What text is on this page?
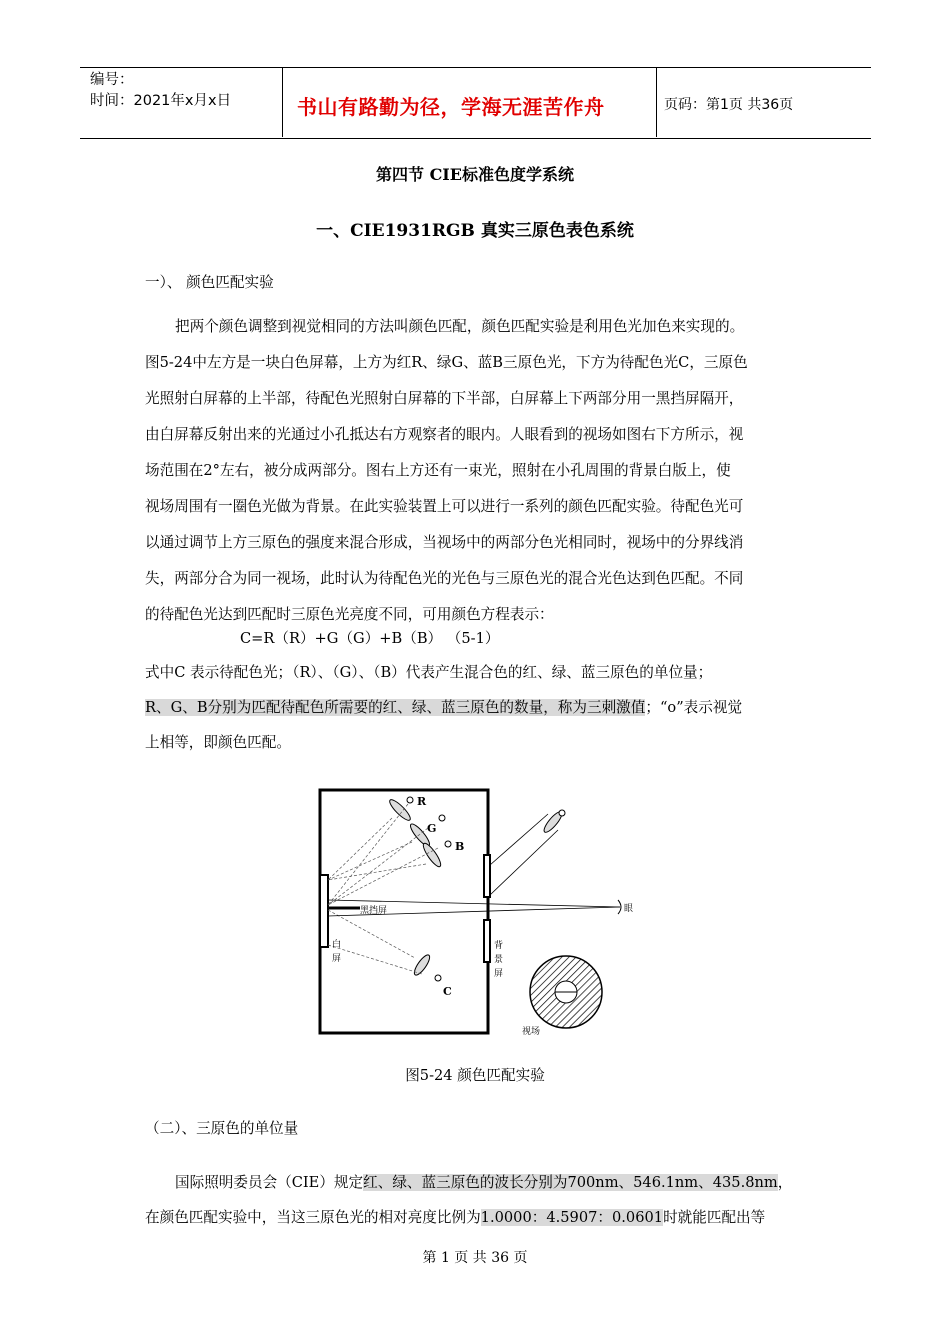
编号：
时间：2021年x月x日	书山有路勤为径，学海无涯苦作舟	页码：第1页 共36页
第四节 CIE标准色度学系统
一、CIE1931RGB 真实三原色表色系统
一）、 颜色匹配实验
把两个颜色调整到视觉相同的方法叫颜色匹配，颜色匹配实验是利用色光加色来实现的。
图5-24中左方是一块白色屏幕，上方为红R、绿G、蓝B三原色光，下方为待配色光C，三原色
光照射白屏幕的上半部，待配色光照射白屏幕的下半部，白屏幕上下两部分用一黑挡屏隔开，
由白屏幕反射出来的光通过小孔抵达右方观察者的眼内。人眼看到的视场如图右下方所示，视
场范围在2°左右，被分成两部分。图右上方还有一束光，照射在小孔周围的背景白版上，使
视场周围有一圈色光做为背景。在此实验装置上可以进行一系列的颜色匹配实验。待配色光可
以通过调节上方三原色的强度来混合形成，当视场中的两部分色光相同时，视场中的分界线消
失，两部分合为同一视场，此时认为待配色光的光色与三原色光的混合光色达到色匹配。不同
的待配色光达到匹配时三原色光亮度不同，可用颜色方程表示：
C=R（R）+G（G）+B（B） （5-1）
式中C 表示待配色光；（R）、（G）、（B）代表产生混合色的红、绿、蓝三原色的单位量；
R、G、B分别为匹配待配色所需要的红、绿、蓝三原色的数量，称为三刺激值；“o”表示视觉
上相等，即颜色匹配。
R
G
B
C
眼
黑挡屏
白
屏
背
景
屏
视场
图5-24 颜色匹配实验
（二）、三原色的单位量
国际照明委员会（CIE）规定红、绿、蓝三原色的波长分别为700nm、546.1nm、435.8nm，
在颜色匹配实验中，当这三原色光的相对亮度比例为1.0000：4.5907：0.0601时就能匹配出等
第 1 页 共 36 页
